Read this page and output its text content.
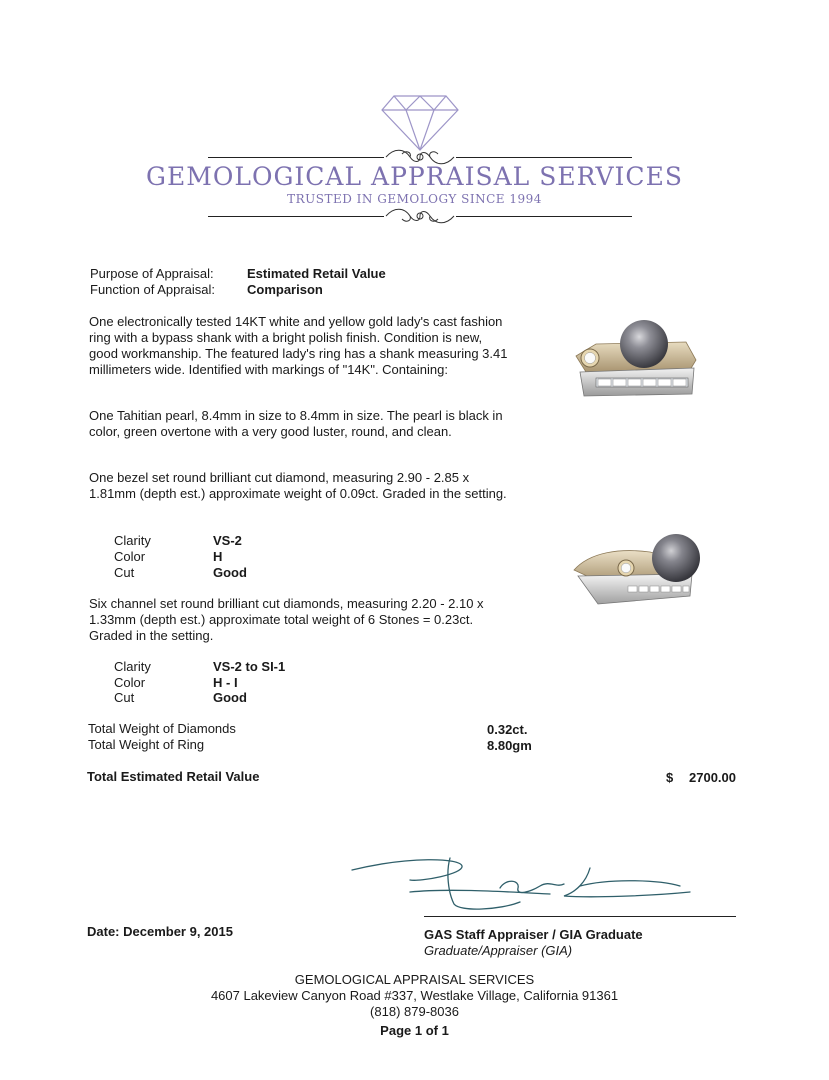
GEMOLOGICAL APPRAISAL SERVICES
TRUSTED IN GEMOLOGY SINCE 1994
Purpose of Appraisal:	Estimated Retail Value
Function of Appraisal: Comparison
One electronically tested 14KT white and yellow gold lady's cast fashion ring with a bypass shank with a bright polish finish. Condition is new, good workmanship. The featured lady's ring has a shank measuring 3.41 millimeters wide. Identified with markings of "14K". Containing:
One Tahitian pearl, 8.4mm in size to 8.4mm in size. The pearl is black in color, green overtone with a very good luster, round, and clean.
One bezel set round brilliant cut diamond, measuring 2.90 - 2.85 x 1.81mm (depth est.) approximate weight of 0.09ct. Graded in the setting.
Clarity	VS-2
Color	H
Cut	Good
Six channel set round brilliant cut diamonds, measuring 2.20 - 2.10 x 1.33mm (depth est.) approximate total weight of 6 Stones = 0.23ct. Graded in the setting.
Clarity	VS-2 to SI-1
Color	H - I
Cut	Good
Total Weight of Diamonds	0.32ct.
Total Weight of Ring	8.80gm
Total Estimated Retail Value	$ 2700.00
Date: December 9, 2015	GAS Staff Appraiser / GIA Graduate
Graduate/Appraiser (GIA)
GEMOLOGICAL APPRAISAL SERVICES
4607 Lakeview Canyon Road #337, Westlake Village, California 91361
(818) 879-8036
Page 1 of 1
